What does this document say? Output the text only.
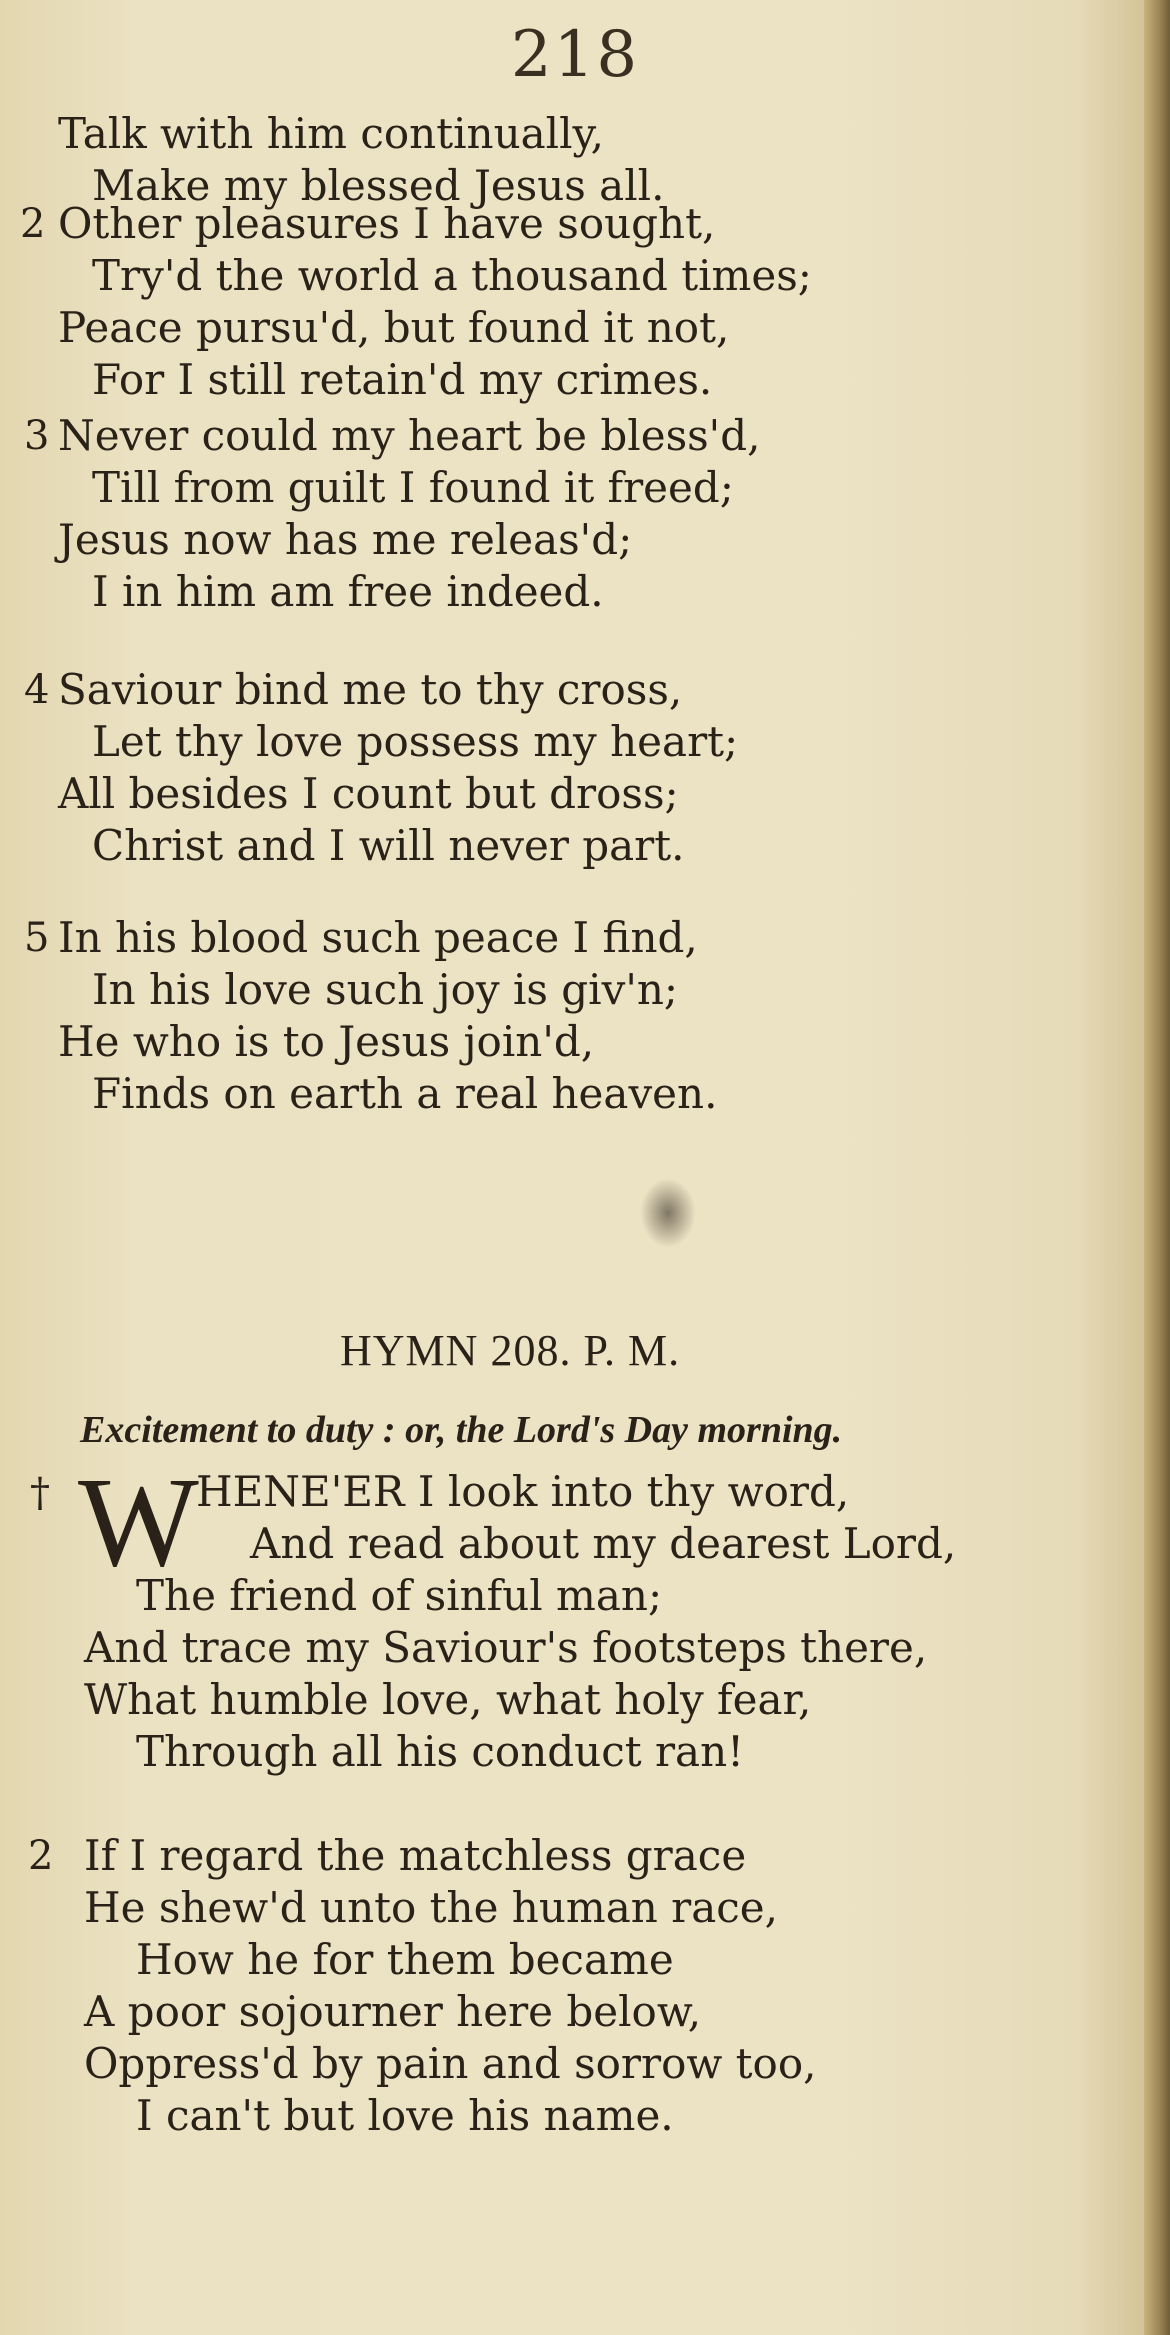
218
Talk with him continually,
Make my blessed Jesus all.
2 Other pleasures I have sought,
Try'd the world a thousand times;
Peace pursu'd, but found it not,
For I still retain'd my crimes.
3 Never could my heart be bless'd,
Till from guilt I found it freed;
Jesus now has me releas'd;
I in him am free indeed.
4 Saviour bind me to thy cross,
Let thy love possess my heart;
All besides I count but dross;
Christ and I will never part.
5 In his blood such peace I find,
In his love such joy is giv'n;
He who is to Jesus join'd,
Finds on earth a real heaven.
HYMN 208. P. M.
Excitement to duty : or, the Lord's Day morning.
† W
HENE'ER I look into thy word,
And read about my dearest Lord,
The friend of sinful man;
And trace my Saviour's footsteps there,
What humble love, what holy fear,
Through all his conduct ran!
2 If I regard the matchless grace
He shew'd unto the human race,
How he for them became
A poor sojourner here below,
Oppress'd by pain and sorrow too,
I can't but love his name.
